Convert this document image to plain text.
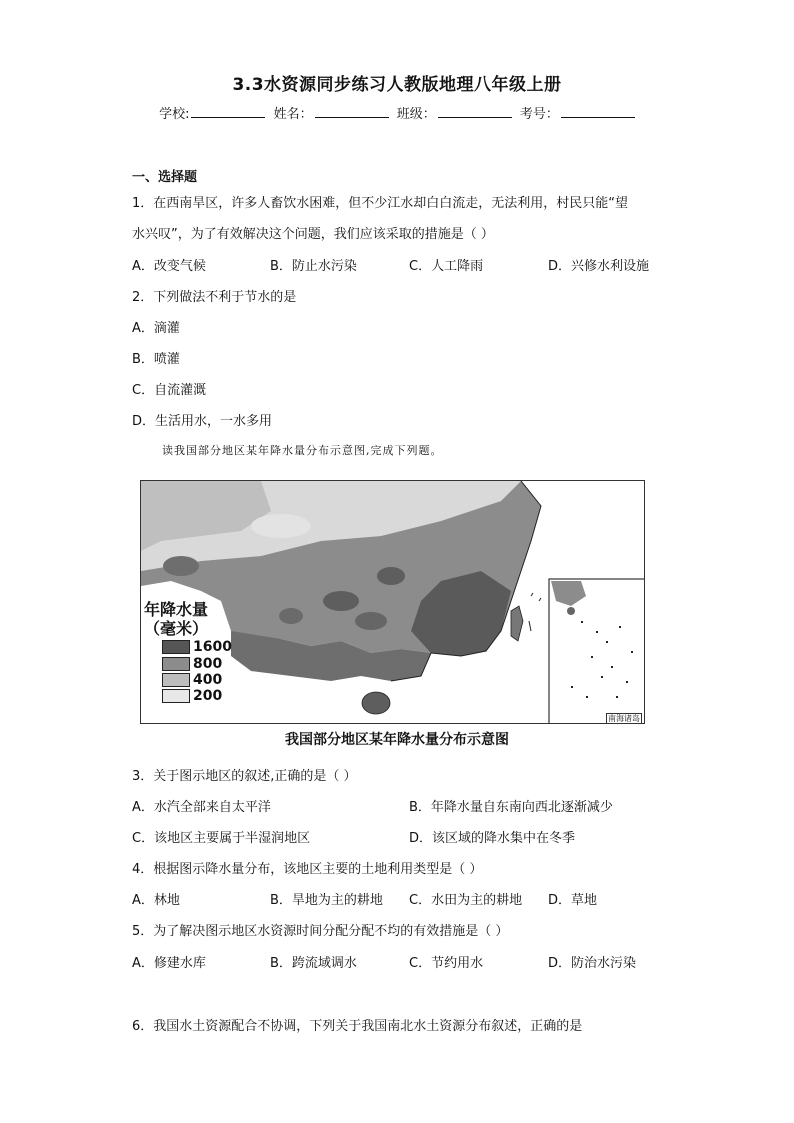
3.3水资源同步练习人教版地理八年级上册
学校:	姓名：	班级：	考号：
一、选择题
1．在西南旱区，许多人畜饮水困难，但不少江水却白白流走，无法利用，村民只能“望
水兴叹”，为了有效解决这个问题，我们应该采取的措施是（ ）
A．改变气候	B．防止水污染	C．人工降雨	D．兴修水利设施
2．下列做法不利于节水的是
A．滴灌
B．喷灌
C．自流灌溉
D．生活用水，一水多用
读我国部分地区某年降水量分布示意图,完成下列题。
年降水量
（毫米）
1600
800
400
200
南海诸岛
我国部分地区某年降水量分布示意图
3．关于图示地区的叙述,正确的是（ ）
A．水汽全部来自太平洋	B．年降水量自东南向西北逐渐减少
C．该地区主要属于半湿润地区	D．该区域的降水集中在冬季
4．根据图示降水量分布，该地区主要的土地利用类型是（ ）
A．林地	B．旱地为主的耕地 C．水田为主的耕地 D．草地
5．为了解决图示地区水资源时间分配分配不均的有效措施是（ ）
A．修建水库	B．跨流域调水	C．节约用水	D．防治水污染
6．我国水土资源配合不协调，下列关于我国南北水土资源分布叙述，正确的是
